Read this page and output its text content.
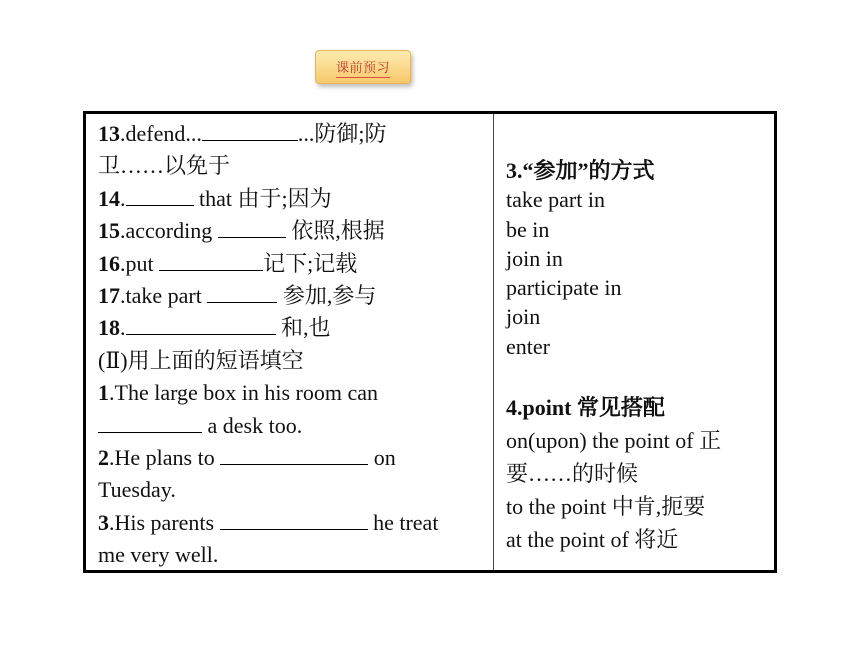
课前预习
13.defend...	...防御;防
卫……以免于
14.	that 由于;因为
15.according	依照,根据
16.put	记下;记载
17.take part	参加,参与
18.	和,也
(Ⅱ)用上面的短语填空
1.The large box in his room can
a desk too.
2.He plans to	on
Tuesday.
3.His parents	he treat
me very well.
3.“参加”的方式
take part in
be in
join in
participate in
join
enter
4.point 常见搭配
on(upon) the point of 正
要……的时候
to the point 中肯,扼要
at the point of 将近
